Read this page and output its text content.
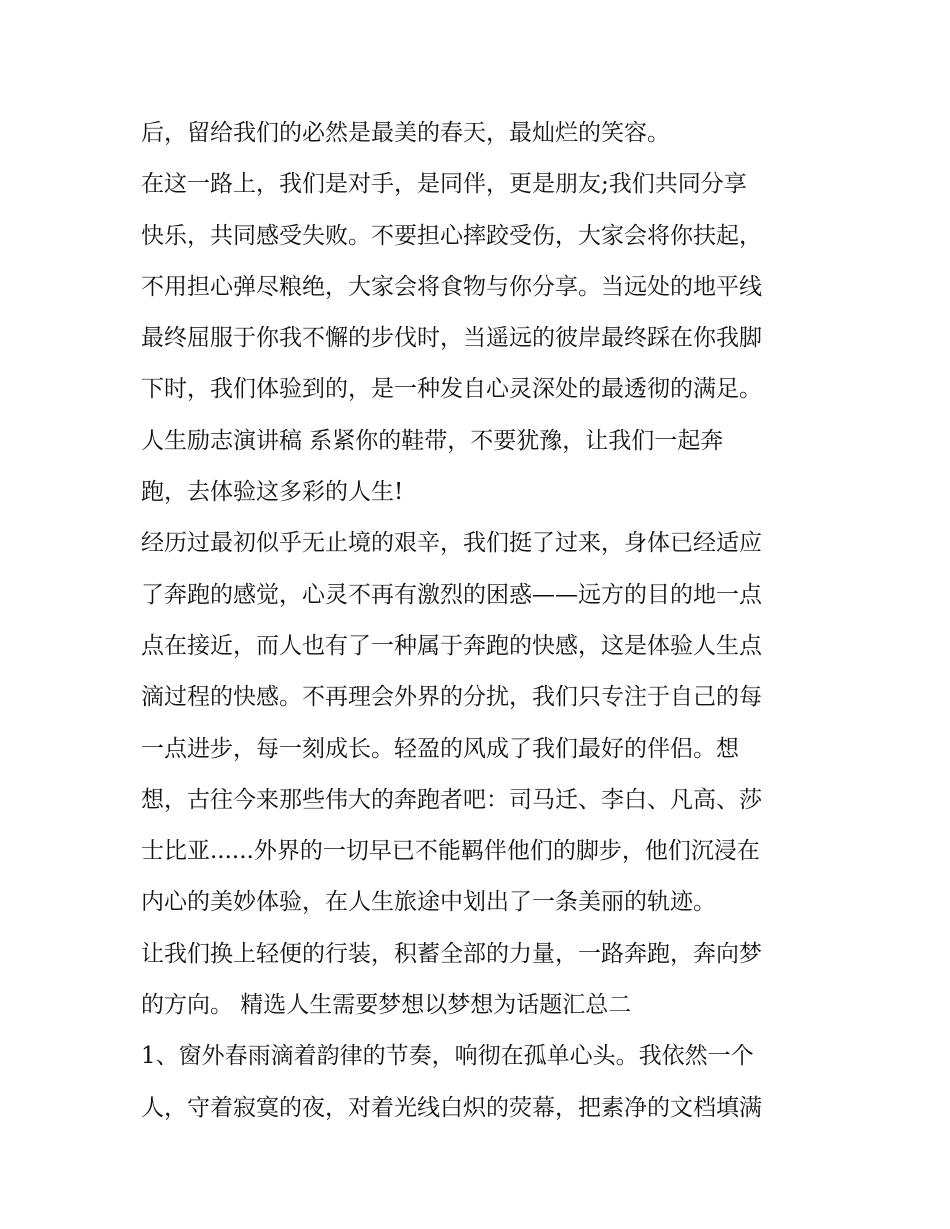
后，留给我们的必然是最美的春天，最灿烂的笑容。
在这一路上，我们是对手，是同伴，更是朋友;我们共同分享
快乐，共同感受失败。不要担心摔跤受伤，大家会将你扶起，
不用担心弹尽粮绝，大家会将食物与你分享。当远处的地平线
最终屈服于你我不懈的步伐时，当遥远的彼岸最终踩在你我脚
下时，我们体验到的，是一种发自心灵深处的最透彻的满足。
人生励志演讲稿 系紧你的鞋带，不要犹豫，让我们一起奔
跑，去体验这多彩的人生!
经历过最初似乎无止境的艰辛，我们挺了过来，身体已经适应
了奔跑的感觉，心灵不再有激烈的困惑——远方的目的地一点
点在接近，而人也有了一种属于奔跑的快感，这是体验人生点
滴过程的快感。不再理会外界的分扰，我们只专注于自己的每
一点进步，每一刻成长。轻盈的风成了我们最好的伴侣。想
想，古往今来那些伟大的奔跑者吧：司马迁、李白、凡高、莎
士比亚......外界的一切早已不能羁伴他们的脚步，他们沉浸在
内心的美妙体验，在人生旅途中划出了一条美丽的轨迹。
让我们换上轻便的行装，积蓄全部的力量，一路奔跑，奔向梦
的方向。 精选人生需要梦想以梦想为话题汇总二
1、窗外春雨滴着韵律的节奏，响彻在孤单心头。我依然一个
人，守着寂寞的夜，对着光线白炽的荧幕，把素净的文档填满
